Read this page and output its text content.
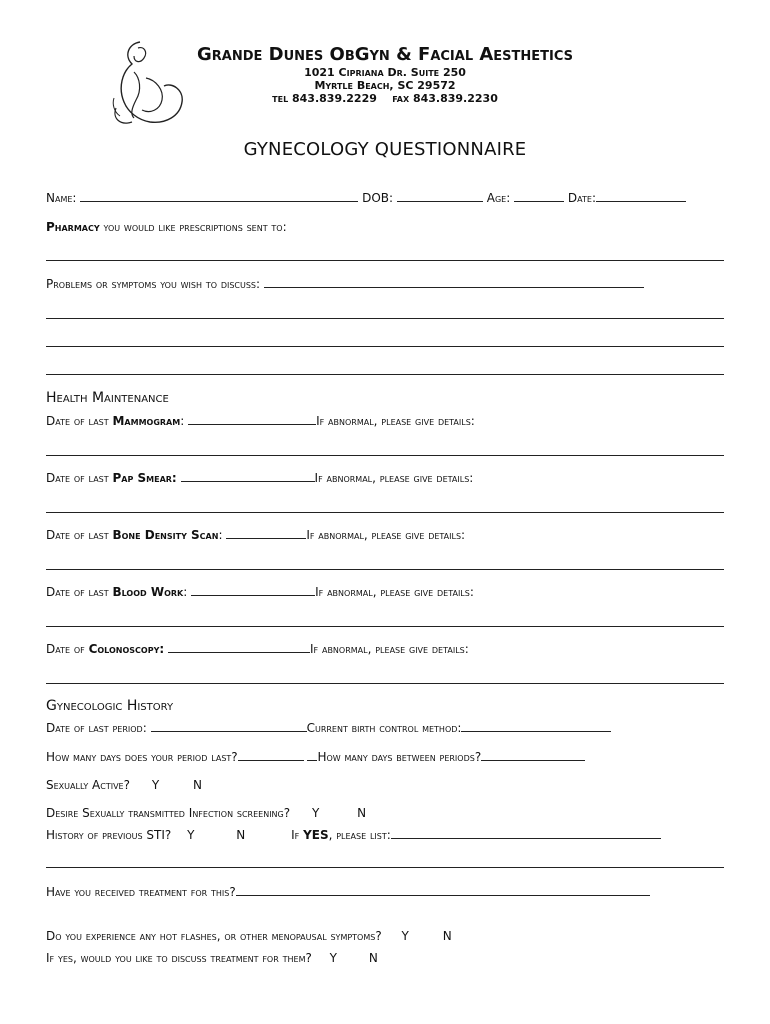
Grande Dunes ObGyn & Facial Aesthetics
1021 Cipriana Dr. Suite 250
Myrtle Beach, SC 29572
tel 843.839.2229 fax 843.839.2230
GYNECOLOGY QUESTIONNAIRE
Name:	DOB:	Age:	Date:
Pharmacy you would like prescriptions sent to:
Problems or symptoms you wish to discuss:
Health Maintenance
Date of last Mammogram:	If abnormal, please give details:
Date of last Pap Smear:	If abnormal, please give details:
Date of last Bone Density Scan:	If abnormal, please give details:
Date of last Blood Work:	If abnormal, please give details:
Date of Colonoscopy:	If abnormal, please give details:
Gynecologic History
Date of last period:	Current birth control method:
How many days does your period last?	How many days between periods?
Sexually Active? Y	N
Desire Sexually transmitted Infection screening? Y	N
History of previous STI? Y	N	If YES, please list:
Have you received treatment for this?
Do you experience any hot flashes, or other menopausal symptoms? Y	N
If yes, would you like to discuss treatment for them? Y	N
